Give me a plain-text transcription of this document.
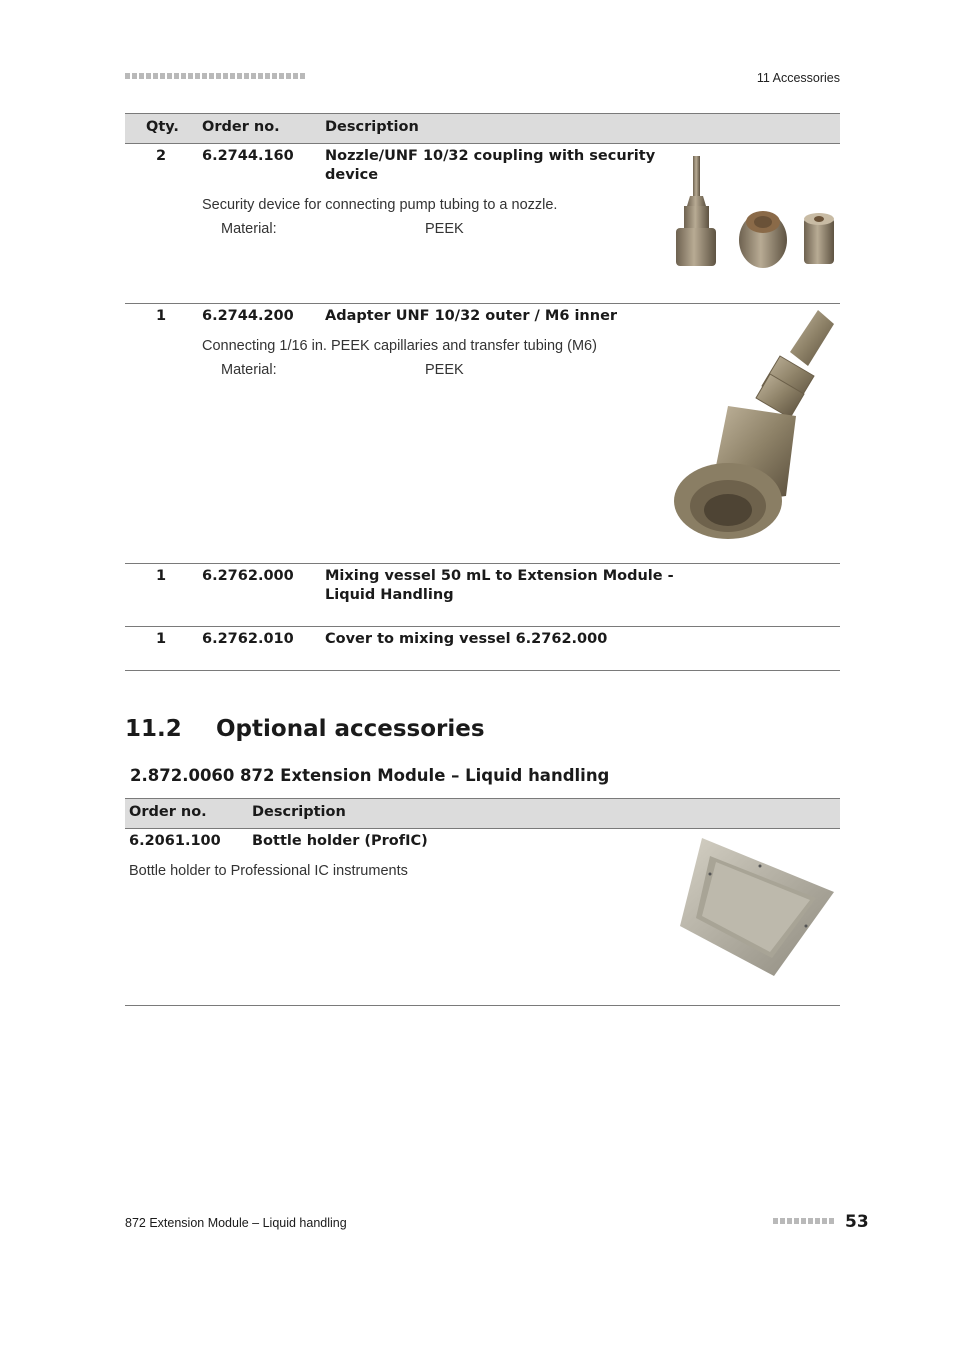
11 Accessories
Qty. Order no.	Description
2 6.2744.160 Nozzle/UNF 10/32 coupling with security
device
Security device for connecting pump tubing to a nozzle.
Material:	PEEK
1 6.2744.200 Adapter UNF 10/32 outer / M6 inner
Connecting 1/16 in. PEEK capillaries and transfer tubing (M6)
Material:	PEEK
1 6.2762.000 Mixing vessel 50 mL to Extension Module -
Liquid Handling
1 6.2762.010 Cover to mixing vessel 6.2762.000
11.2 Optional accessories
2.872.0060 872 Extension Module – Liquid handling
Order no.	Description
6.2061.100 Bottle holder (ProfIC)
Bottle holder to Professional IC instruments
872 Extension Module – Liquid handling	53
